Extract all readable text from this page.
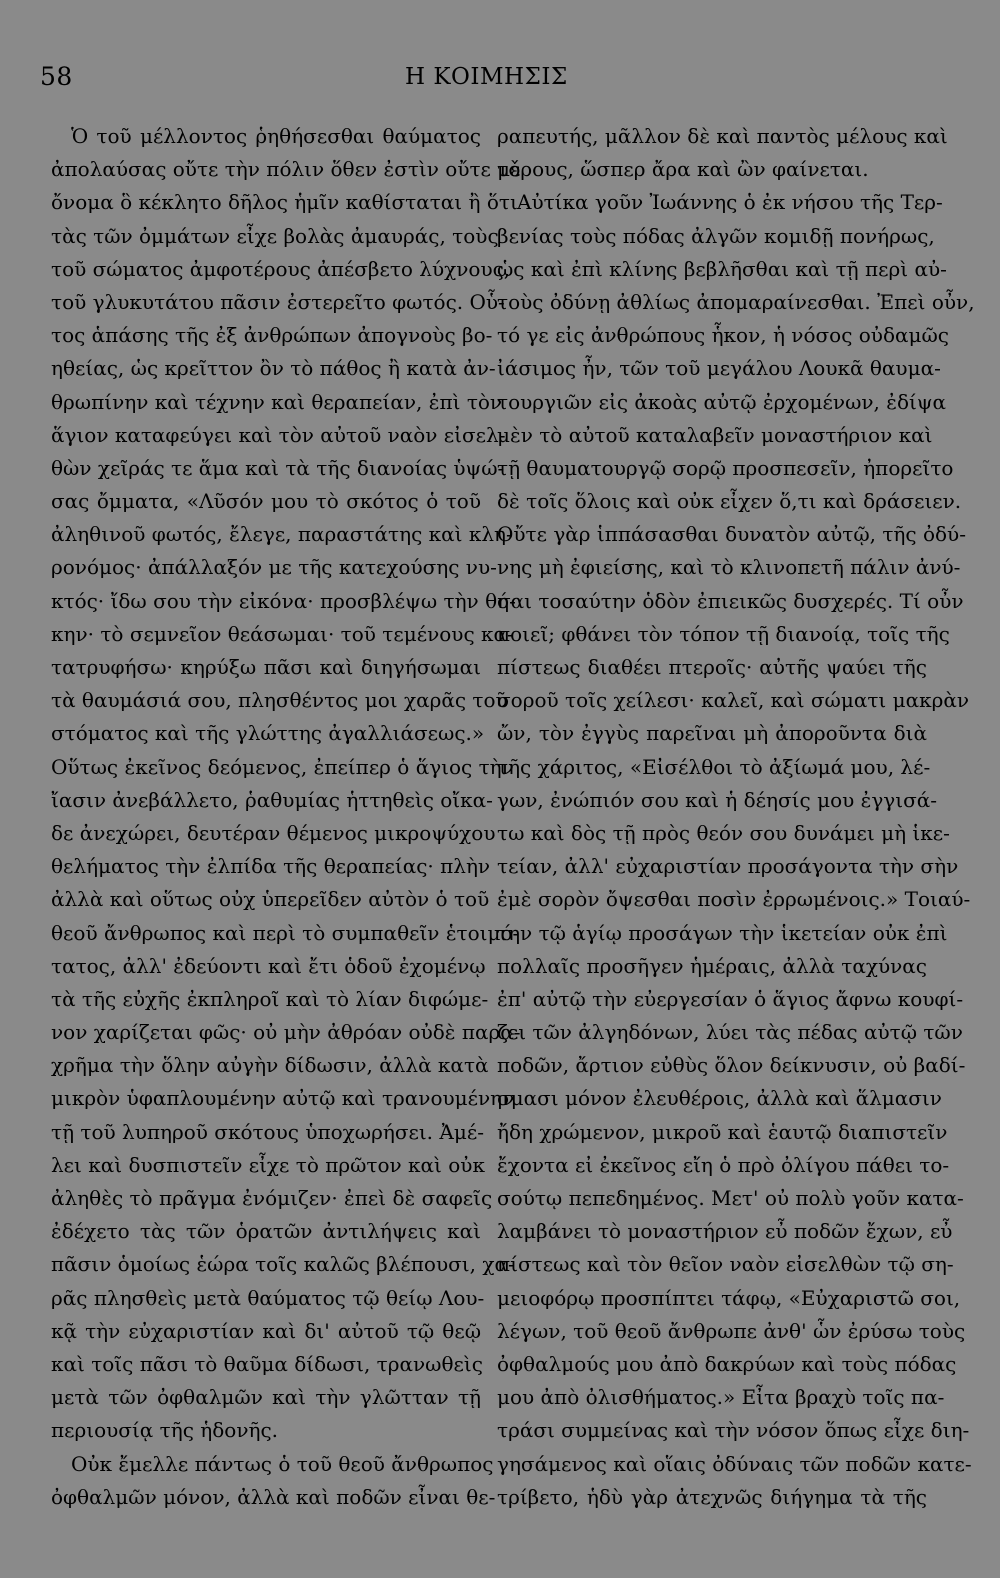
58	Η ΚΟΙΜΗΣΙΣ
 Ὁ τοῦ μέλλοντος ῥηθήσεσθαι θαύματος
ἀπολαύσας οὔτε τὴν πόλιν ὅθεν ἐστὶν οὔτε τὸ
ὄνομα ὃ κέκλητο δῆλος ἡμῖν καθίσταται ἢ ὅτι
τὰς τῶν ὀμμάτων εἶχε βολὰς ἀμαυράς, τοὺς
τοῦ σώματος ἀμφοτέρους ἀπέσβετο λύχνους,
τοῦ γλυκυτάτου πᾶσιν ἐστερεῖτο φωτός. Οὗ-
τος ἁπάσης τῆς ἐξ ἀνθρώπων ἀπογνοὺς βο-
ηθείας, ὡς κρεῖττον ὂν τὸ πάθος ἢ κατὰ ἀν-
θρωπίνην καὶ τέχνην καὶ θεραπείαν, ἐπὶ τὸν
ἅγιον καταφεύγει καὶ τὸν αὐτοῦ ναὸν εἰσελ-
θὼν χεῖράς τε ἅμα καὶ τὰ τῆς διανοίας ὑψώ-
σας ὄμματα, «Λῦσόν μου τὸ σκότος ὁ τοῦ
ἀληθινοῦ φωτός, ἔλεγε, παραστάτης καὶ κλη-
ρονόμος· ἀπάλλαξόν με τῆς κατεχούσης νυ-
κτός· ἴδω σου τὴν εἰκόνα· προσβλέψω τὴν θή-
κην· τὸ σεμνεῖον θεάσωμαι· τοῦ τεμένους κα-
τατρυφήσω· κηρύξω πᾶσι καὶ διηγήσωμαι
τὰ θαυμάσιά σου, πλησθέντος μοι χαρᾶς τοῦ
στόματος καὶ τῆς γλώττης ἀγαλλιάσεως.»
Οὕτως ἐκεῖνος δεόμενος, ἐπείπερ ὁ ἅγιος τὴν
ἴασιν ἀνεβάλλετο, ῥαθυμίας ἡττηθεὶς οἴκα-
δε ἀνεχώρει, δευτέραν θέμενος μικροψύχου
θελήματος τὴν ἐλπίδα τῆς θεραπείας· πλὴν
ἀλλὰ καὶ οὕτως οὐχ ὑπερεῖδεν αὐτὸν ὁ τοῦ
θεοῦ ἄνθρωπος καὶ περὶ τὸ συμπαθεῖν ἑτοιμό-
τατος, ἀλλ' ἐδεύοντι καὶ ἔτι ὁδοῦ ἐχομένῳ
τὰ τῆς εὐχῆς ἐκπληροῖ καὶ τὸ λίαν διφώμε-
νον χαρίζεται φῶς· οὐ μὴν ἀθρόαν οὐδὲ παρα-
χρῆμα τὴν ὅλην αὐγὴν δίδωσιν, ἀλλὰ κατὰ
μικρὸν ὑφαπλουμένην αὐτῷ καὶ τρανουμένην
τῇ τοῦ λυπηροῦ σκότους ὑποχωρήσει. Ἀμέ-
λει καὶ δυσπιστεῖν εἶχε τὸ πρῶτον καὶ οὐκ
ἀληθὲς τὸ πρᾶγμα ἐνόμιζεν· ἐπεὶ δὲ σαφεῖς
ἐδέχετο τὰς τῶν ὁρατῶν ἀντιλήψεις καὶ
πᾶσιν ὁμοίως ἑώρα τοῖς καλῶς βλέπουσι, χα-
ρᾶς πλησθεὶς μετὰ θαύματος τῷ θείῳ Λου-
κᾷ τὴν εὐχαριστίαν καὶ δι' αὐτοῦ τῷ θεῷ
καὶ τοῖς πᾶσι τὸ θαῦμα δίδωσι, τρανωθεὶς
μετὰ τῶν ὀφθαλμῶν καὶ τὴν γλῶτταν τῇ
περιουσίᾳ τῆς ἡδονῆς.
 Οὐκ ἔμελλε πάντως ὁ τοῦ θεοῦ ἄνθρωπος
ὀφθαλμῶν μόνον, ἀλλὰ καὶ ποδῶν εἶναι θε-
ραπευτής, μᾶλλον δὲ καὶ παντὸς μέλους καὶ
μέρους, ὥσπερ ἄρα καὶ ὢν φαίνεται.
 Αὐτίκα γοῦν Ἰωάννης ὁ ἐκ νήσου τῆς Τερ-
βενίας τοὺς πόδας ἀλγῶν κομιδῇ πονήρως,
ὡς καὶ ἐπὶ κλίνης βεβλῆσθαι καὶ τῇ περὶ αὐ-
τοὺς ὀδύνῃ ἀθλίως ἀπομαραίνεσθαι. Ἐπεὶ οὖν,
τό γε εἰς ἀνθρώπους ἧκον, ἡ νόσος οὐδαμῶς
ἰάσιμος ἦν, τῶν τοῦ μεγάλου Λουκᾶ θαυμα-
τουργιῶν εἰς ἀκοὰς αὐτῷ ἐρχομένων, ἐδίψα
μὲν τὸ αὐτοῦ καταλαβεῖν μοναστήριον καὶ
τῇ θαυματουργῷ σορῷ προσπεσεῖν, ἠπορεῖτο
δὲ τοῖς ὅλοις καὶ οὐκ εἶχεν ὅ,τι καὶ δράσειεν.
Οὔτε γὰρ ἱππάσασθαι δυνατὸν αὐτῷ, τῆς ὀδύ-
νης μὴ ἐφιείσης, καὶ τὸ κλινοπετῆ πάλιν ἀνύ-
σαι τοσαύτην ὁδὸν ἐπιεικῶς δυσχερές. Τί οὖν
ποιεῖ; φθάνει τὸν τόπον τῇ διανοίᾳ, τοῖς τῆς
πίστεως διαθέει πτεροῖς· αὐτῆς ψαύει τῆς
σοροῦ τοῖς χείλεσι· καλεῖ, καὶ σώματι μακρὰν
ὤν, τὸν ἐγγὺς παρεῖναι μὴ ἀποροῦντα διὰ
τῆς χάριτος, «Εἰσέλθοι τὸ ἀξίωμά μου, λέ-
γων, ἐνώπιόν σου καὶ ἡ δέησίς μου ἐγγισά-
τω καὶ δὸς τῇ πρὸς θεόν σου δυνάμει μὴ ἱκε-
τείαν, ἀλλ' εὐχαριστίαν προσάγοντα τὴν σὴν
ἐμὲ σορὸν ὄψεσθαι ποσὶν ἐρρωμένοις.» Τοιαύ-
την τῷ ἁγίῳ προσάγων τὴν ἱκετείαν οὐκ ἐπὶ
πολλαῖς προσῆγεν ἡμέραις, ἀλλὰ ταχύνας
ἐπ' αὐτῷ τὴν εὐεργεσίαν ὁ ἅγιος ἄφνω κουφί-
ζει τῶν ἀλγηδόνων, λύει τὰς πέδας αὐτῷ τῶν
ποδῶν, ἄρτιον εὐθὺς ὅλον δείκνυσιν, οὐ βαδί-
σμασι μόνον ἐλευθέροις, ἀλλὰ καὶ ἅλμασιν
ἤδη χρώμενον, μικροῦ καὶ ἑαυτῷ διαπιστεῖν
ἔχοντα εἰ ἐκεῖνος εἴη ὁ πρὸ ὀλίγου πάθει το-
σούτῳ πεπεδημένος. Μετ' οὐ πολὺ γοῦν κατα-
λαμβάνει τὸ μοναστήριον εὖ ποδῶν ἔχων, εὖ
πίστεως καὶ τὸν θεῖον ναὸν εἰσελθὼν τῷ ση-
μειοφόρῳ προσπίπτει τάφῳ, «Εὐχαριστῶ σοι,
λέγων, τοῦ θεοῦ ἄνθρωπε ἀνθ' ὧν ἐρύσω τοὺς
ὀφθαλμούς μου ἀπὸ δακρύων καὶ τοὺς πόδας
μου ἀπὸ ὀλισθήματος.» Εἶτα βραχὺ τοῖς πα-
τράσι συμμείνας καὶ τὴν νόσον ὅπως εἶχε διη-
γησάμενος καὶ οἵαις ὀδύναις τῶν ποδῶν κατε-
τρίβετο, ἡδὺ γὰρ ἀτεχνῶς διήγημα τὰ τῆς
